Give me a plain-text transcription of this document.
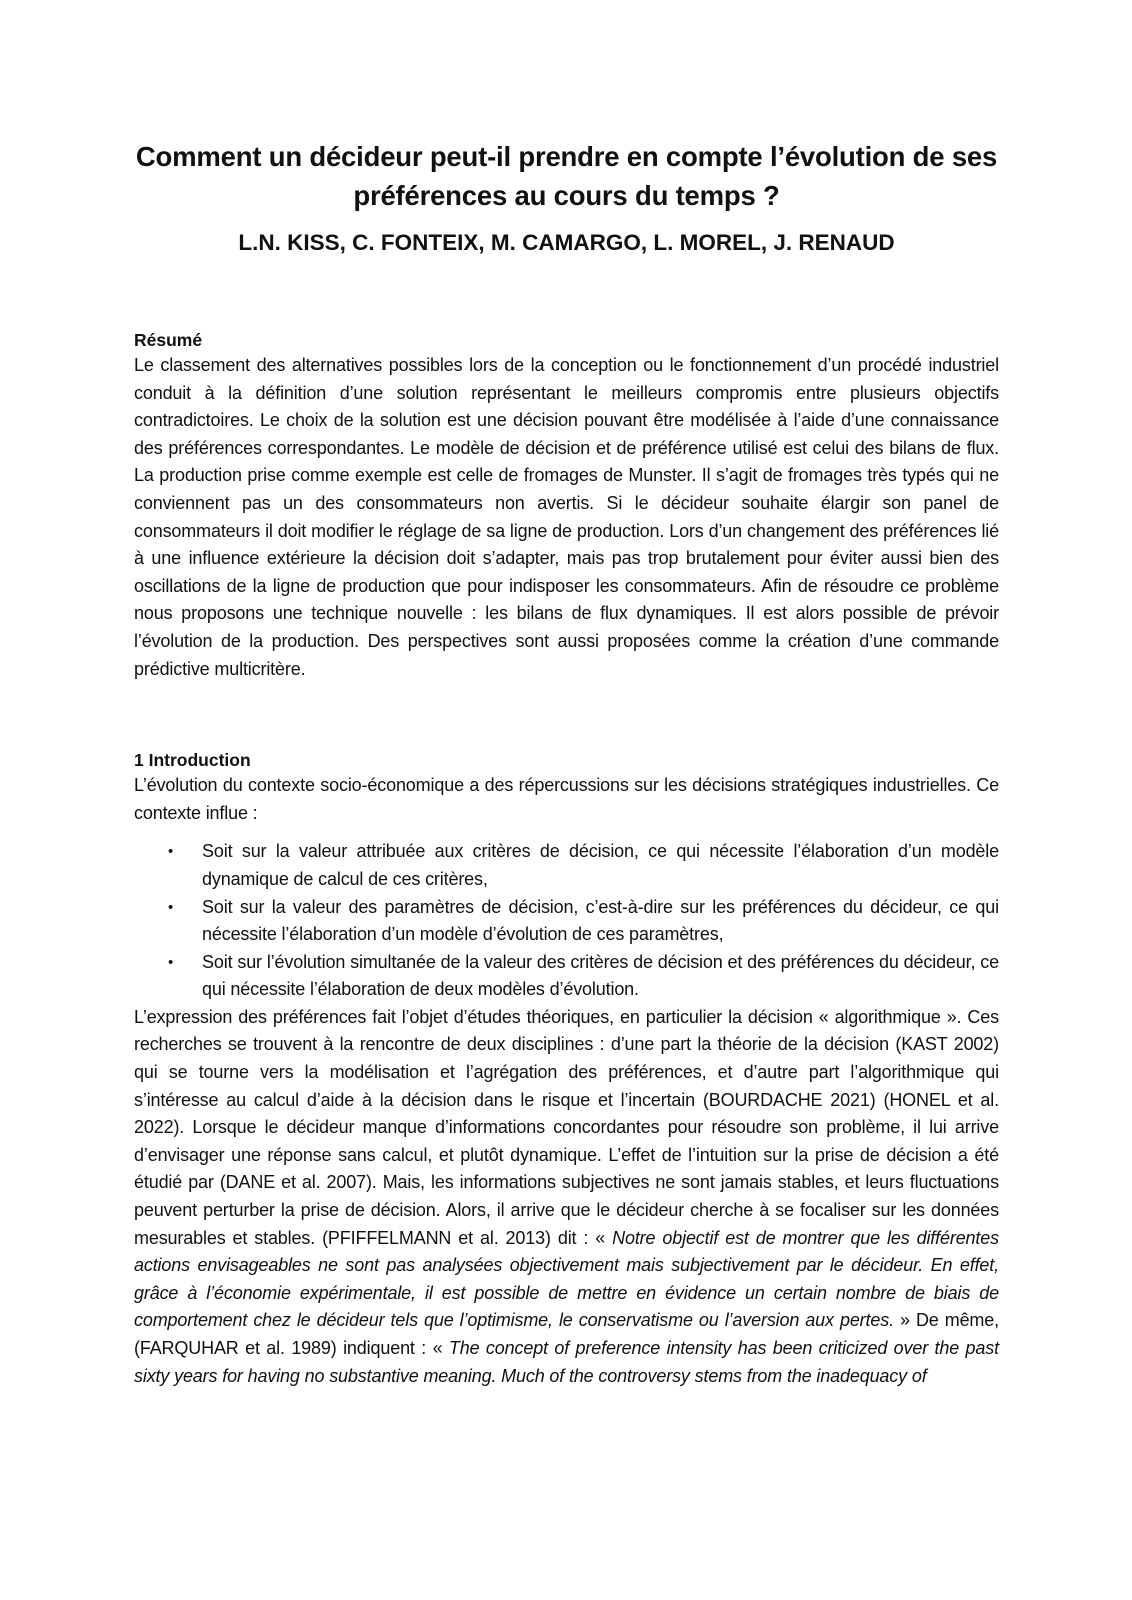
Comment un décideur peut-il prendre en compte l’évolution de ses préférences au cours du temps ?
L.N. KISS, C. FONTEIX, M. CAMARGO, L. MOREL, J. RENAUD
Résumé

Le classement des alternatives possibles lors de la conception ou le fonctionnement d’un procédé industriel conduit à la définition d’une solution représentant le meilleurs compromis entre plusieurs objectifs contradictoires. Le choix de la solution est une décision pouvant être modélisée à l’aide d’une connaissance des préférences correspondantes. Le modèle de décision et de préférence utilisé est celui des bilans de flux. La production prise comme exemple est celle de fromages de Munster. Il s’agit de fromages très typés qui ne conviennent pas un des consommateurs non avertis. Si le décideur souhaite élargir son panel de consommateurs il doit modifier le réglage de sa ligne de production. Lors d’un changement des préférences lié à une influence extérieure la décision doit s’adapter, mais pas trop brutalement pour éviter aussi bien des oscillations de la ligne de production que pour indisposer les consommateurs. Afin de résoudre ce problème nous proposons une technique nouvelle : les bilans de flux dynamiques. Il est alors possible de prévoir l’évolution de la production. Des perspectives sont aussi proposées comme la création d’une commande prédictive multicritère.

1 Introduction

L’évolution du contexte socio-économique a des répercussions sur les décisions stratégiques industrielles. Ce contexte influe :

• Soit sur la valeur attribuée aux critères de décision, ce qui nécessite l’élaboration d’un modèle dynamique de calcul de ces critères,
• Soit sur la valeur des paramètres de décision, c’est-à-dire sur les préférences du décideur, ce qui nécessite l’élaboration d’un modèle d’évolution de ces paramètres,
• Soit sur l’évolution simultanée de la valeur des critères de décision et des préférences du décideur, ce qui nécessite l’élaboration de deux modèles d’évolution.

L’expression des préférences fait l’objet d’études théoriques, en particulier la décision « algorithmique ». Ces recherches se trouvent à la rencontre de deux disciplines : d’une part la théorie de la décision (KAST 2002) qui se tourne vers la modélisation et l’agrégation des préférences, et d’autre part l’algorithmique qui s’intéresse au calcul d’aide à la décision dans le risque et l’incertain (BOURDACHE 2021) (HONEL et al. 2022). Lorsque le décideur manque d’informations concordantes pour résoudre son problème, il lui arrive d’envisager une réponse sans calcul, et plutôt dynamique. L’effet de l’intuition sur la prise de décision a été étudié par (DANE et al. 2007). Mais, les informations subjectives ne sont jamais stables, et leurs fluctuations peuvent perturber la prise de décision. Alors, il arrive que le décideur cherche à se focaliser sur les données mesurables et stables. (PFIFFELMANN et al. 2013) dit : « Notre objectif est de montrer que les différentes actions envisageables ne sont pas analysées objectivement mais subjectivement par le décideur. En effet, grâce à l’économie expérimentale, il est possible de mettre en évidence un certain nombre de biais de comportement chez le décideur tels que l’optimisme, le conservatisme ou l’aversion aux pertes. » De même, (FARQUHAR et al. 1989) indiquent : « The concept of preference intensity has been criticized over the past sixty years for having no substantive meaning. Much of the controversy stems from the inadequacy of
